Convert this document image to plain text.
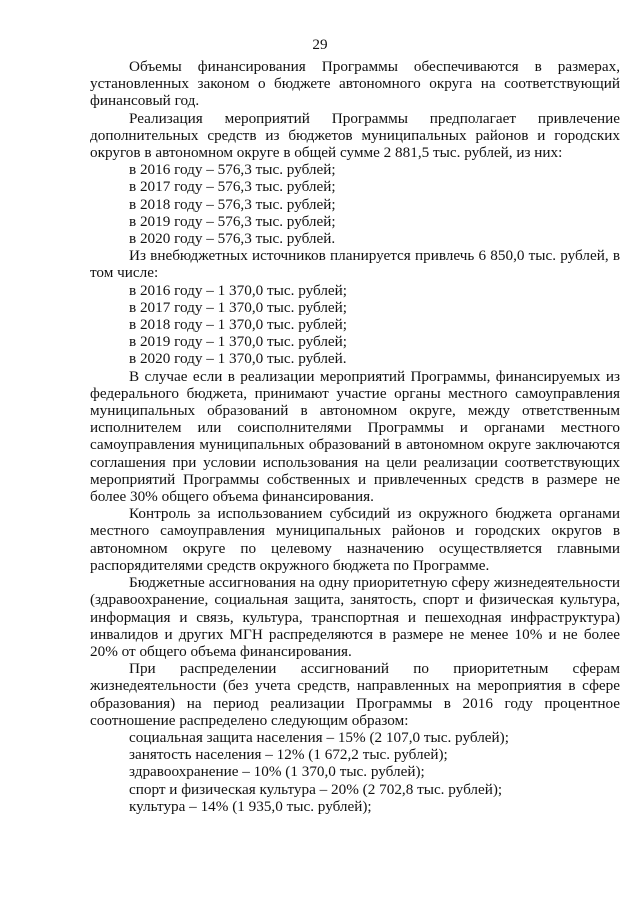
29

Объемы финансирования Программы обеспечиваются в размерах, установленных законом о бюджете автономного округа на соответствующий финансовый год.

Реализация мероприятий Программы предполагает привлечение дополнительных средств из бюджетов муниципальных районов и городских округов в автономном округе в общей сумме 2 881,5 тыс. рублей, из них:

в 2016 году – 576,3 тыс. рублей;
в 2017 году – 576,3 тыс. рублей;
в 2018 году – 576,3 тыс. рублей;
в 2019 году – 576,3 тыс. рублей;
в 2020 году – 576,3 тыс. рублей.

Из внебюджетных источников планируется привлечь 6 850,0 тыс. рублей, в том числе:

в 2016 году – 1 370,0 тыс. рублей;
в 2017 году – 1 370,0 тыс. рублей;
в 2018 году – 1 370,0 тыс. рублей;
в 2019 году – 1 370,0 тыс. рублей;
в 2020 году – 1 370,0 тыс. рублей.

В случае если в реализации мероприятий Программы, финансируемых из федерального бюджета, принимают участие органы местного самоуправления муниципальных образований в автономном округе, между ответственным исполнителем или соисполнителями Программы и органами местного самоуправления муниципальных образований в автономном округе заключаются соглашения при условии использования на цели реализации соответствующих мероприятий Программы собственных и привлеченных средств в размере не более 30% общего объема финансирования.

Контроль за использованием субсидий из окружного бюджета органами местного самоуправления муниципальных районов и городских округов в автономном округе по целевому назначению осуществляется главными распорядителями средств окружного бюджета по Программе.

Бюджетные ассигнования на одну приоритетную сферу жизнедеятельности (здравоохранение, социальная защита, занятость, спорт и физическая культура, информация и связь, культура, транспортная и пешеходная инфраструктура) инвалидов и других МГН распределяются в размере не менее 10% и не более 20% от общего объема финансирования.

При распределении ассигнований по приоритетным сферам жизнедеятельности (без учета средств, направленных на мероприятия в сфере образования) на период реализации Программы в 2016 году процентное соотношение распределено следующим образом:

социальная защита населения – 15% (2 107,0 тыс. рублей);
занятость населения – 12% (1 672,2 тыс. рублей);
здравоохранение – 10% (1 370,0 тыс. рублей);
спорт и физическая культура – 20% (2 702,8 тыс. рублей);
культура – 14% (1 935,0 тыс. рублей);
